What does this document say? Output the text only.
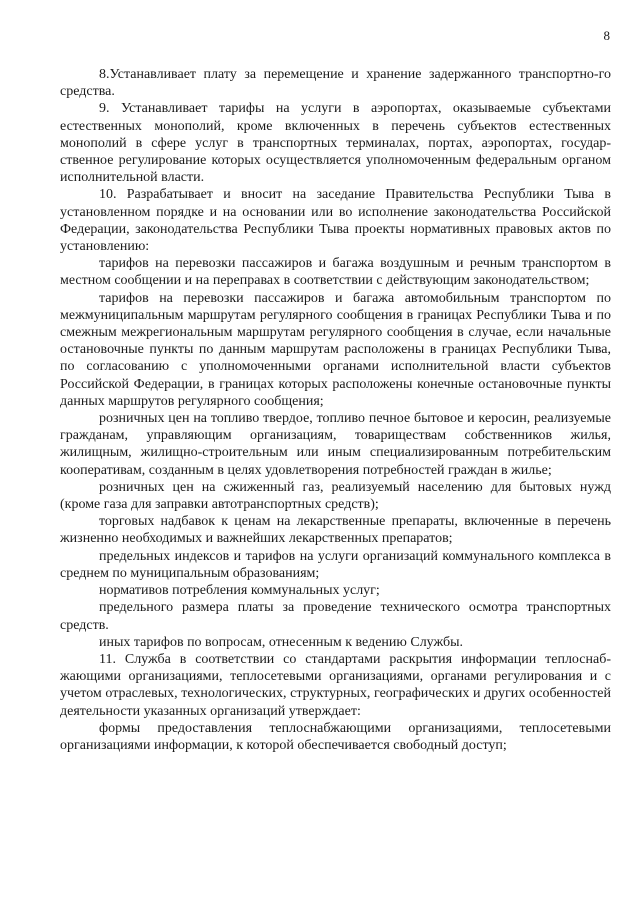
8

8.Устанавливает плату за перемещение и хранение задержанного транспортно-го средства.

9. Устанавливает тарифы на услуги в аэропортах, оказываемые субъектами естественных монополий, кроме включенных в перечень субъектов естественных монополий в сфере услуг в транспортных терминалах, портах, аэропортах, государ-ственное регулирование которых осуществляется уполномоченным федеральным органом исполнительной власти.

10. Разрабатывает и вносит на заседание Правительства Республики Тыва в установленном порядке и на основании или во исполнение законодательства Российской Федерации, законодательства Республики Тыва проекты нормативных правовых актов по установлению:

тарифов на перевозки пассажиров и багажа воздушным и речным транспортом в местном сообщении и на переправах в соответствии с действующим законодательством;

тарифов на перевозки пассажиров и багажа автомобильным транспортом по межмуниципальным маршрутам регулярного сообщения в границах Республики Тыва и по смежным межрегиональным маршрутам регулярного сообщения в случае, если начальные остановочные пункты по данным маршрутам расположены в границах Республики Тыва, по согласованию с уполномоченными органами исполнительной власти субъектов Российской Федерации, в границах которых расположены конечные остановочные пункты данных маршрутов регулярного сообщения;

розничных цен на топливо твердое, топливо печное бытовое и керосин, реализуемые гражданам, управляющим организациям, товариществам собственников жилья, жилищным, жилищно-строительным или иным специализированным потребительским кооперативам, созданным в целях удовлетворения потребностей граждан в жилье;

розничных цен на сжиженный газ, реализуемый населению для бытовых нужд (кроме газа для заправки автотранспортных средств);

торговых надбавок к ценам на лекарственные препараты, включенные в перечень жизненно необходимых и важнейших лекарственных препаратов;

предельных индексов и тарифов на услуги организаций коммунального комплекса в среднем по муниципальным образованиям;

нормативов потребления коммунальных услуг;

предельного размера платы за проведение технического осмотра транспортных средств.

иных тарифов по вопросам, отнесенным к ведению Службы.

11. Служба в соответствии со стандартами раскрытия информации теплоснаб-жающими организациями, теплосетевыми организациями, органами регулирования и с учетом отраслевых, технологических, структурных, географических и других особенностей деятельности указанных организаций утверждает:

формы предоставления теплоснабжающими организациями, теплосетевыми организациями информации, к которой обеспечивается свободный доступ;
